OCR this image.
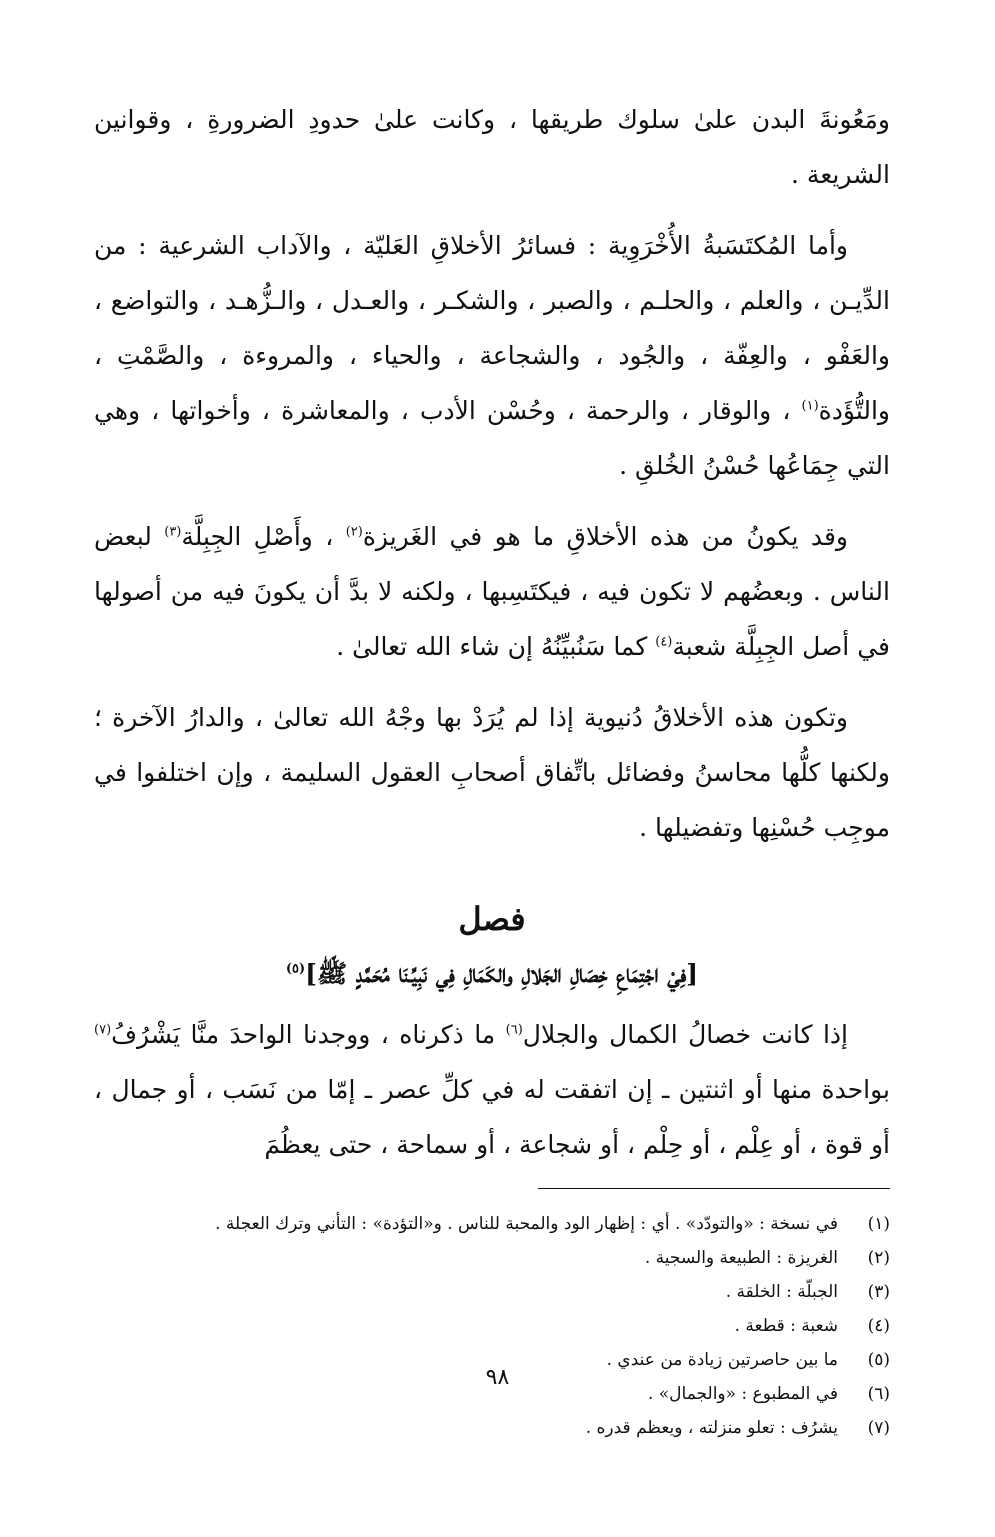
ومَعُونةَ البدن علىٰ سلوك طريقها ، وكانت علىٰ حدودِ الضرورةِ ، وقوانين الشريعة .

وأما المُكتَسَبةُ الأُخْرَوِية : فسائرُ الأخلاقِ العَليّة ، والآداب الشرعية : من الدِّيـن ، والعلم ، والحلـم ، والصبر ، والشكـر ، والعـدل ، والـزُّهـد ، والتواضع ، والعَفْو ، والعِفّة ، والجُود ، والشجاعة ، والحياء ، والمروءة ، والصَّمْتِ ، والتُّؤَدة$^{(١)}$ ، والوقار ، والرحمة ، وحُسْن الأدب ، والمعاشرة ، وأخواتها ، وهي التي جِمَاعُها حُسْنُ الخُلقِ .

وقد يكونُ من هذه الأخلاقِ ما هو في الغَريزة$^{(٢)}$ ، وأَصْلِ الجِبِلَّة$^{(٣)}$ لبعض الناس . وبعضُهم لا تكون فيه ، فيكتَسِبها ، ولكنه لا بدَّ أن يكونَ فيه من أصولها في أصل الجِبِلَّة شعبة$^{(٤)}$ كما سَنُبيِّنُهُ إن شاء الله تعالىٰ .

وتكون هذه الأخلاقُ دُنيوية إذا لم يُرَدْ بها وجْهُ الله تعالىٰ ، والدارُ الآخرة ؛ ولكنها كلُّها محاسنُ وفضائل باتِّفاق أصحابِ العقول السليمة ، وإن اختلفوا في موجِب حُسْنِها وتفضيلها .

فصل
[فِيْ اجْتِمَاعِ خِصَالِ الجَلالِ والكَمَالِ فِي نَبِيِّـنَا مُحَمَّدٍ ﷺ]$^{(٥)}$

إذا كانت خصالُ الكمال والجلال$^{(٦)}$ ما ذكرناه ، ووجدنا الواحدَ منَّا يَشْرُفُ$^{(٧)}$ بواحدة منها أو اثنتين ـ إن اتفقت له في كلِّ عصر ـ إمّا من نَسَب ، أو جمال ، أو قوة ، أو عِلْم ، أو حِلْم ، أو شجاعة ، أو سماحة ، حتى يعظُمَ

(١)
في نسخة : «والتودّد» . أي : إظهار الود والمحبة للناس . و«التؤدة» : التأني وترك العجلة .
(٢)
الغريزة : الطبيعة والسجية .
(٣)
الجبلّة : الخلقة .
(٤)
شعبة : قطعة .
(٥)
ما بين حاصرتين زيادة من عندي .
(٦)
في المطبوع : «والجمال» .
(٧)
يشرُف : تعلو منزلته ، ويعظم قدره .
٩٨
